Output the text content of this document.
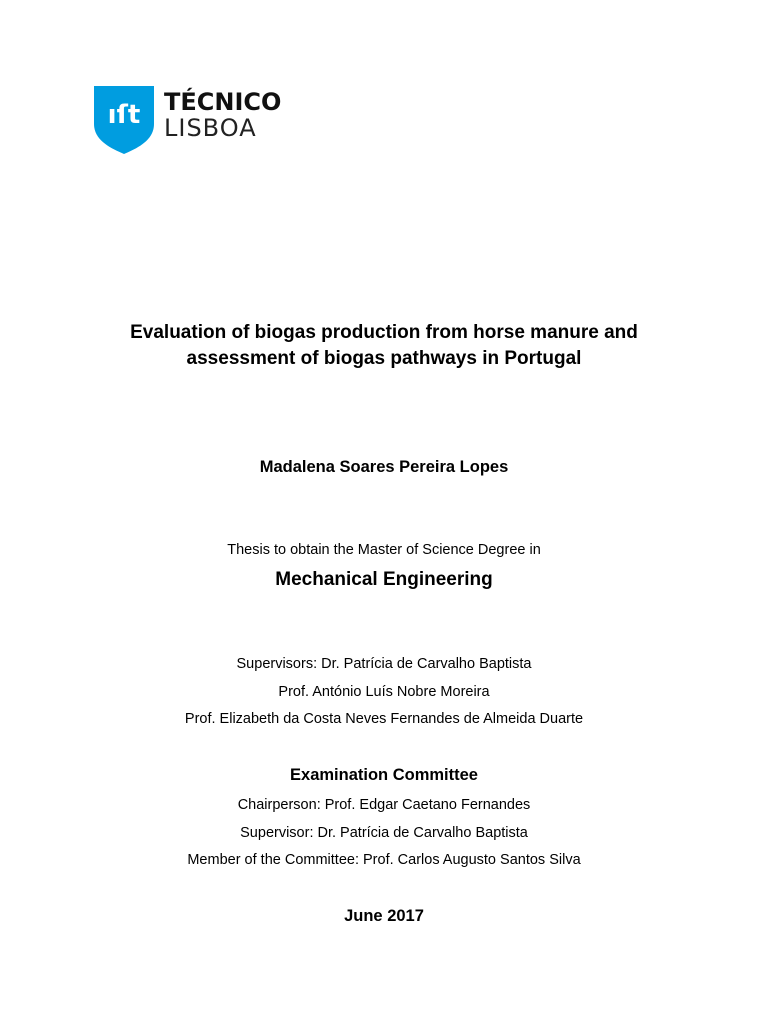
ıſt TÉCNICO
LISBOA
Evaluation of biogas production from horse manure and
assessment of biogas pathways in Portugal
Madalena Soares Pereira Lopes
Thesis to obtain the Master of Science Degree in
Mechanical Engineering
Supervisors: Dr. Patrícia de Carvalho Baptista
Prof. António Luís Nobre Moreira
Prof. Elizabeth da Costa Neves Fernandes de Almeida Duarte
Examination Committee
Chairperson: Prof. Edgar Caetano Fernandes
Supervisor: Dr. Patrícia de Carvalho Baptista
Member of the Committee: Prof. Carlos Augusto Santos Silva
June 2017
